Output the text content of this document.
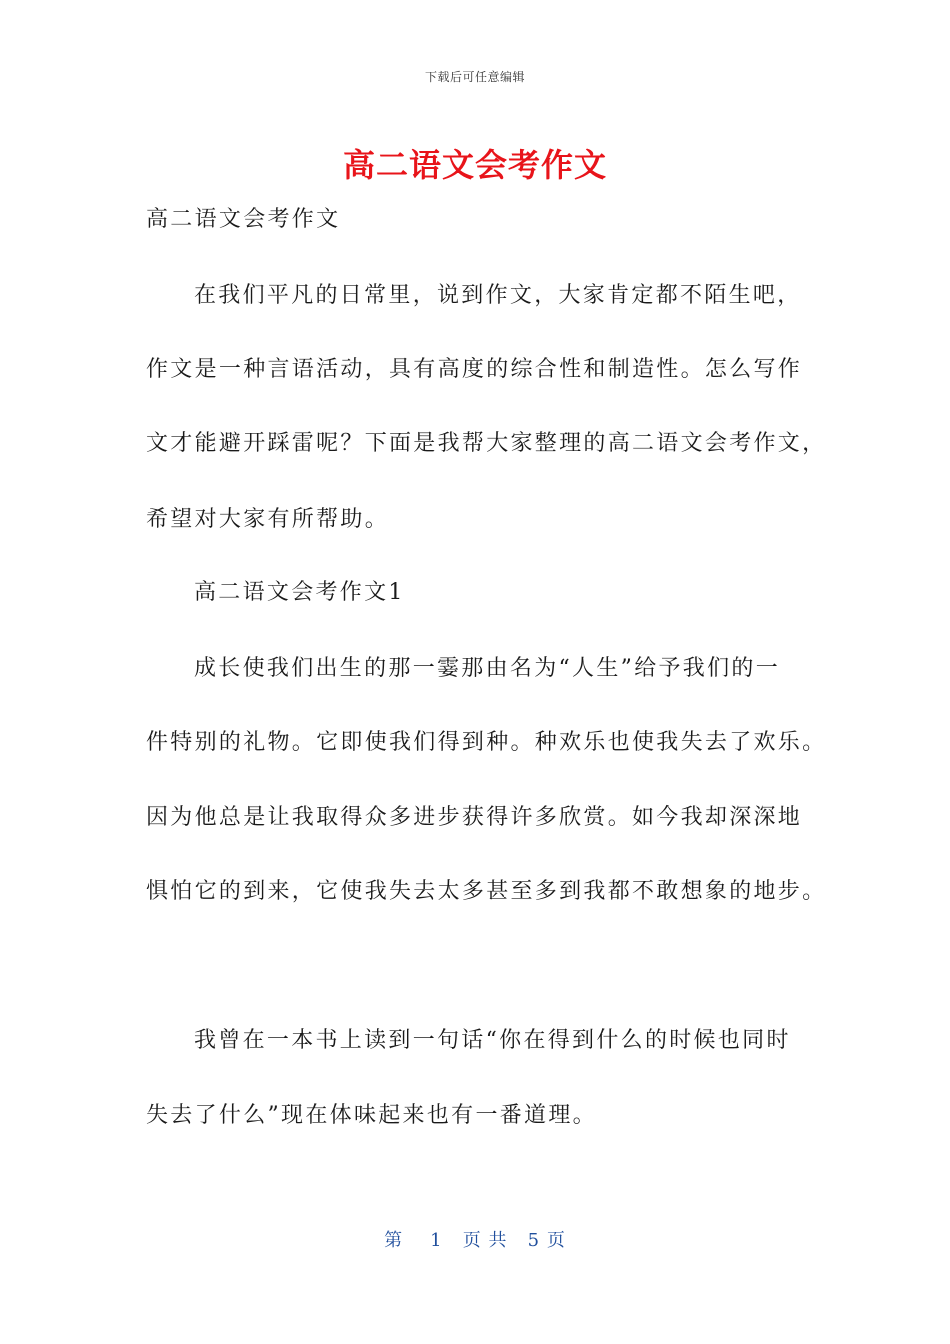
下载后可任意编辑
高二语文会考作文

高二语文会考作文

在我们平凡的日常里，说到作文，大家肯定都不陌生吧，

作文是一种言语活动，具有高度的综合性和制造性。怎么写作

文才能避开踩雷呢？下面是我帮大家整理的高二语文会考作文，

希望对大家有所帮助。

高二语文会考作文1

成长使我们出生的那一霎那由名为“人生”给予我们的一

件特别的礼物。它即使我们得到种。种欢乐也使我失去了欢乐。

因为他总是让我取得众多进步获得许多欣赏。如今我却深深地

惧怕它的到来，它使我失去太多甚至多到我都不敢想象的地步。

我曾在一本书上读到一句话“你在得到什么的时候也同时

失去了什么”现在体味起来也有一番道理。

第 1 页 共 5 页
